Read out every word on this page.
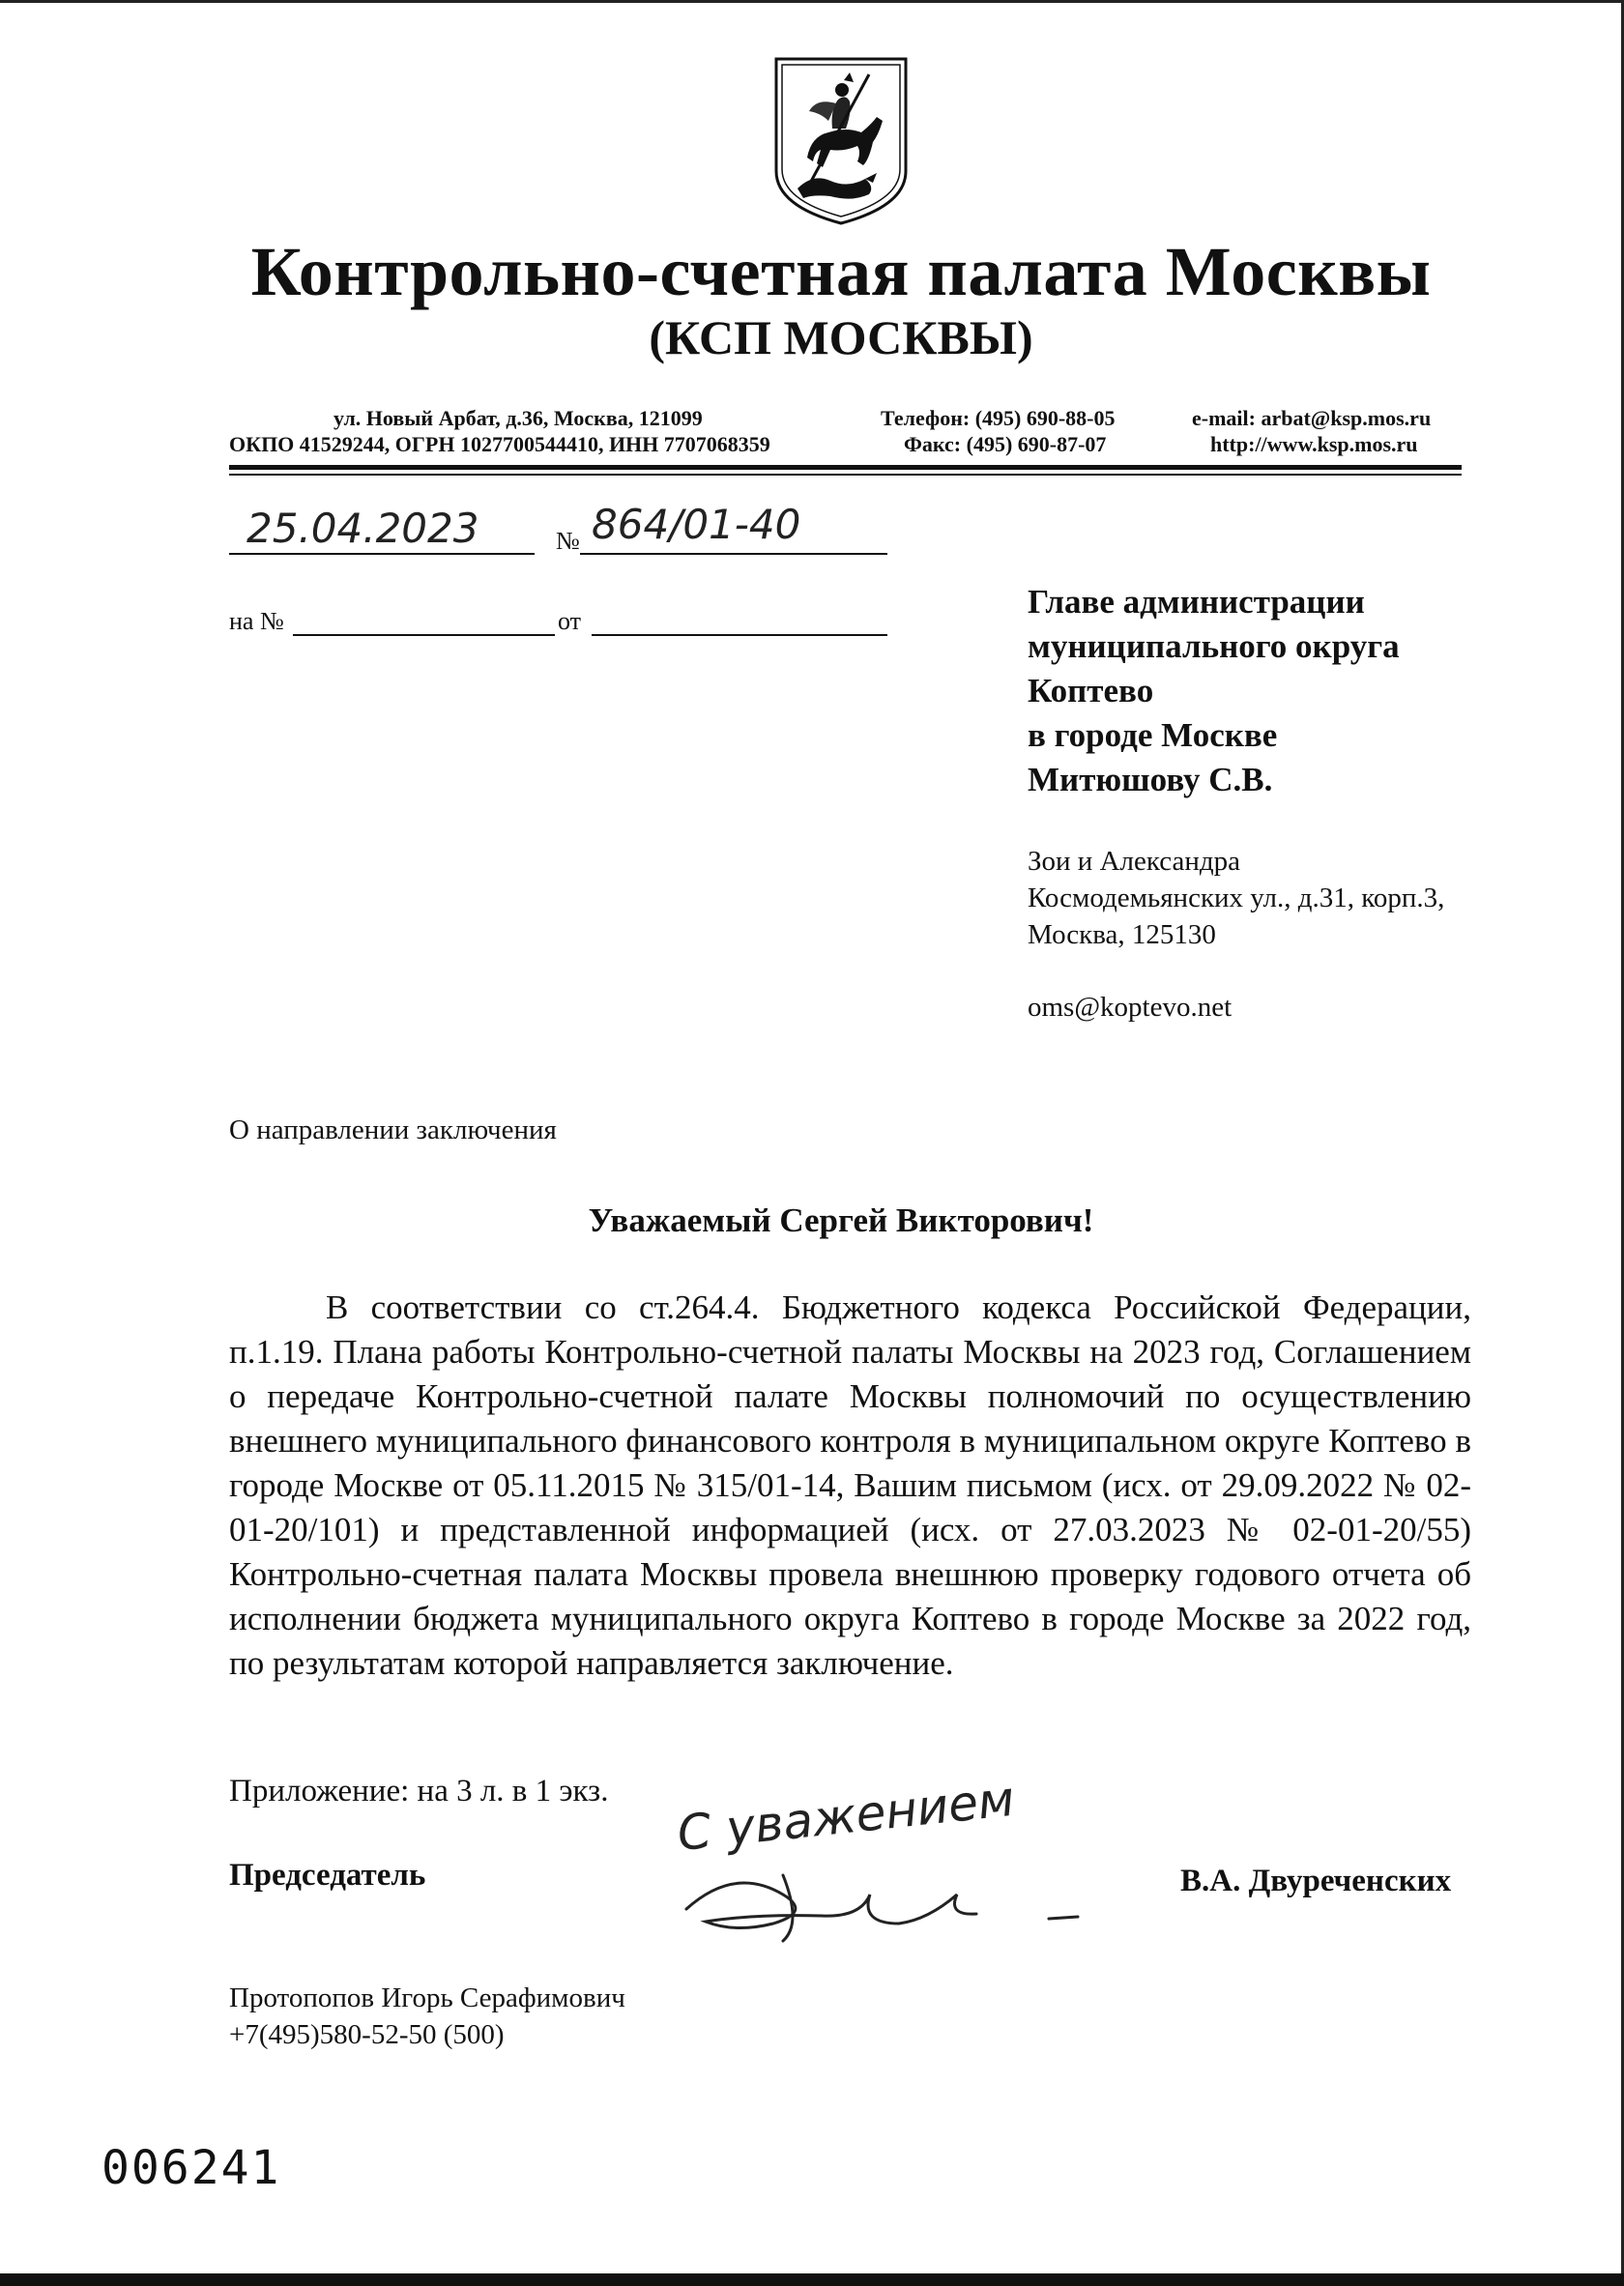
Контрольно-счетная палата Москвы
(КСП МОСКВЫ)
ул. Новый Арбат, д.36, Москва, 121099
ОКПО 41529244, ОГРН 1027700544410, ИНН 7707068359
Телефон: (495) 690-88-05
Факс: (495) 690-87-07
e-mail: arbat@ksp.mos.ru
http://www.ksp.mos.ru
25.04.2023	№ 864/01-40
на №	от
Главе администрации
муниципального округа
Коптево
в городе Москве
Митюшову С.В.
Зои и Александра
Космодемьянских ул., д.31, корп.3,
Москва, 125130
oms@koptevo.net
О направлении заключения
Уважаемый Сергей Викторович!
В соответствии со ст.264.4. Бюджетного кодекса Российской Федерации, п.1.19. Плана работы Контрольно-счетной палаты Москвы на 2023 год, Соглашением о передаче Контрольно-счетной палате Москвы полномочий по осуществлению внешнего муниципального финансового контроля в муниципальном округе Коптево в городе Москве от 05.11.2015 № 315/01-14, Вашим письмом (исх. от 29.09.2022 № 02-01-20/101) и представленной информацией (исх. от 27.03.2023 № 02-01-20/55) Контрольно-счетная палата Москвы провела внешнюю проверку годового отчета об исполнении бюджета муниципального округа Коптево в городе Москве за 2022 год, по результатам которой направляется заключение.
Приложение: на 3 л. в 1 экз.
Председатель
С уважением
В.А. Двуреченских
Протопопов Игорь Серафимович
+7(495)580-52-50 (500)
006241
